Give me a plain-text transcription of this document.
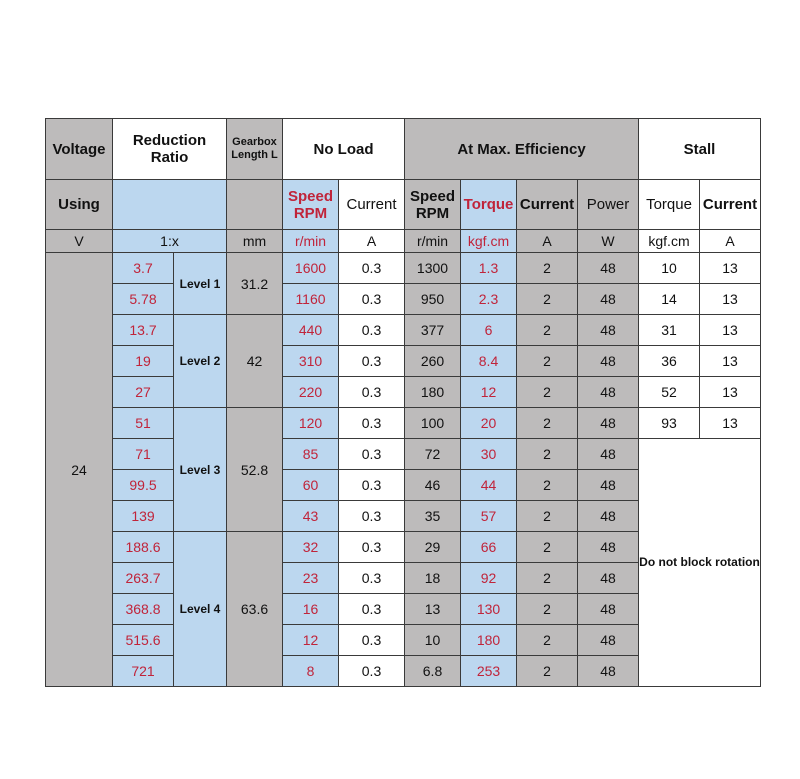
Voltage	Reduction Ratio		Gearbox Length L	No Load		At Max. Efficiency				Stall	
Using				Speed RPM	Current	Speed RPM	Torque	Current	Power	Torque	Current
V	1:x		mm	r/min	A	r/min	kgf.cm	A	W	kgf.cm	A
24	3.7	Level 1	31.2	1600	0.3	1300	1.3	2	48	10	13
	5.78			1160	0.3	950	2.3	2	48	14	13
	13.7	Level 2	42	440	0.3	377	6	2	48	31	13
	19			310	0.3	260	8.4	2	48	36	13
	27			220	0.3	180	12	2	48	52	13
	51	Level 3	52.8	120	0.3	100	20	2	48	93	13
	71			85	0.3	72	30	2	48	Do not block rotation	
	99.5			60	0.3	46	44	2	48		
	139			43	0.3	35	57	2	48		
	188.6	Level 4	63.6	32	0.3	29	66	2	48		
	263.7			23	0.3	18	92	2	48		
	368.8			16	0.3	13	130	2	48		
	515.6			12	0.3	10	180	2	48		
	721			8	0.3	6.8	253	2	48		
